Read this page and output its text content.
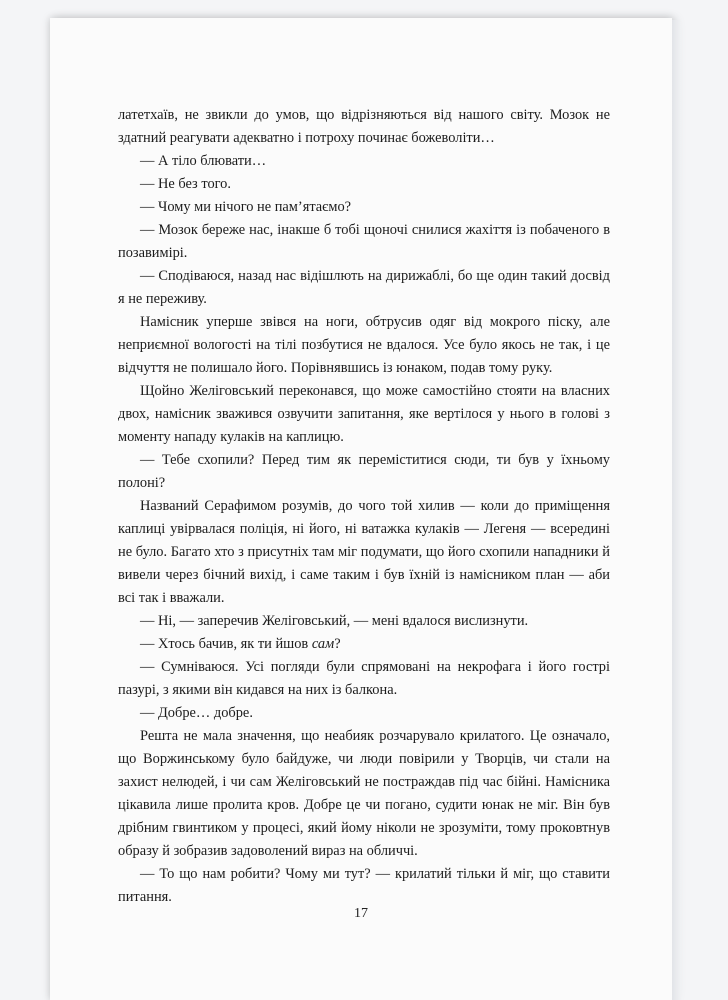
латетхаїв, не звикли до умов, що відрізняються від нашого світу. Мозок не здатний реагувати адекватно і потроху починає божеволіти…

— А тіло блювати…

— Не без того.

— Чому ми нічого не пам’ятаємо?

— Мозок береже нас, інакше б тобі щоночі снилися жахіття із побаченого в позавимірі.

— Сподіваюся, назад нас відішлють на дирижаблі, бо ще один такий досвід я не переживу.

Намісник уперше звівся на ноги, обтрусив одяг від мокрого піску, але неприємної вологості на тілі позбутися не вдалося. Усе було якось не так, і це відчуття не полишало його. Порівнявшись із юнаком, подав тому руку.

Щойно Желіговський переконався, що може самостійно стояти на власних двох, намісник зважився озвучити запитання, яке вертілося у нього в голові з моменту нападу кулаків на каплицю.

— Тебе схопили? Перед тим як переміститися сюди, ти був у їхньому полоні?

Названий Серафимом розумів, до чого той хилив — коли до приміщення каплиці увірвалася поліція, ні його, ні ватажка кулаків — Легеня — всередині не було. Багато хто з присутніх там міг подумати, що його схопили нападники й вивели через бічний вихід, і саме таким і був їхній із намісником план — аби всі так і вважали.

— Ні, — заперечив Желіговський, — мені вдалося вислизнути.

— Хтось бачив, як ти йшов сам?

— Сумніваюся. Усі погляди були спрямовані на некрофага і його гострі пазурі, з якими він кидався на них із балкона.

— Добре… добре.

Решта не мала значення, що неабияк розчарувало крилатого. Це означало, що Воржинському було байдуже, чи люди повірили у Творців, чи стали на захист нелюдей, і чи сам Желіговський не постраждав під час бійні. Намісника цікавила лише пролита кров. Добре це чи погано, судити юнак не міг. Він був дрібним гвинтиком у процесі, який йому ніколи не зрозуміти, тому проковтнув образу й зобразив задоволений вираз на обличчі.

— То що нам робити? Чому ми тут? — крилатий тільки й міг, що ставити питання.

17
